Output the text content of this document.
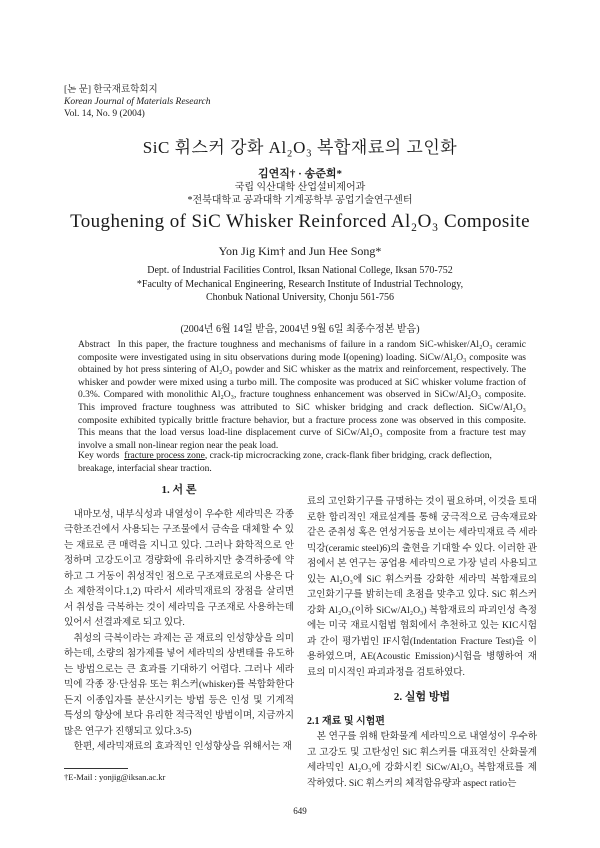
[논 문] 한국재료학회지
Korean Journal of Materials Research
Vol. 14, No. 9 (2004)
SiC 휘스커 강화 Al₂O₃ 복합재료의 고인화
김연직† · 송준희*
국립 익산대학 산업설비제어과
*전북대학교 공과대학 기계공학부 공업기술연구센터
Toughening of SiC Whisker Reinforced Al₂O₃ Composite
Yon Jig Kim† and Jun Hee Song*
Dept. of Industrial Facilities Control, Iksan National College, Iksan 570-752
*Faculty of Mechanical Engineering, Research Institute of Industrial Technology,
Chonbuk National University, Chonju 561-756
(2004년 6월 14일 받음, 2004년 9월 6일 최종수정본 받음)
Abstract In this paper, the fracture toughness and mechanisms of failure in a random SiC-whisker/Al₂O₃ ceramic composite were investigated using in situ observations during mode I(opening) loading. SiCw/Al₂O₃ composite was obtained by hot press sintering of Al₂O₃ powder and SiC whisker as the matrix and reinforcement, respectively. The whisker and powder were mixed using a turbo mill. The composite was produced at SiC whisker volume fraction of 0.3%. Compared with monolithic Al₂O₃, fracture toughness enhancement was observed in SiCw/Al₂O₃ composite. This improved fracture toughness was attributed to SiC whisker bridging and crack deflection. SiCw/Al₂O₃ composite exhibited typically brittle fracture behavior, but a fracture process zone was observed in this composite. This means that the load versus load-line displacement curve of SiCw/Al₂O₃ composite from a fracture test may involve a small non-linear region near the peak load.
Key words fracture process zone, crack-tip microcracking zone, crack-flank fiber bridging, crack deflection, breakage, interfacial shear traction.
1. 서 론

내마모성, 내부식성과 내열성이 우수한 세라믹은 각종 극한조건에서 사용되는 구조물에서 금속을 대체할 수 있는 재료로 큰 매력을 지니고 있다. 그러나 화학적으로 안정하며 고강도이고 경량화에 유리하지만 충격하중에 약하고 그 거동이 취성적인 점으로 구조재료로의 사용은 다소 제한적이다.1,2) 따라서 세라믹재료의 장점을 살리면서 취성을 극복하는 것이 세라믹을 구조재로 사용하는데 있어서 선결과제로 되고 있다.

취성의 극복이라는 과제는 곧 재료의 인성향상을 의미하는데, 소량의 첨가제를 넣어 세라믹의 상변태를 유도하는 방법으로는 큰 효과를 기대하기 어렵다. 그러나 세라믹에 각종 장·단섬유 또는 휘스커(whisker)를 복합화한다든지 이종입자를 분산시키는 방법 등은 인성 및 기계적 특성의 향상에 보다 유리한 적극적인 방법이며, 지금까지 많은 연구가 진행되고 있다.3-5)

한편, 세라믹재료의 효과적인 인성향상을 위해서는 재

료의 고인화기구를 규명하는 것이 필요하며, 이것을 토대로한 합리적인 재료설계를 통해 궁극적으로 금속재료와 같은 준취성 혹은 연성거동을 보이는 세라믹재료 즉 세라믹강(ceramic steel)6)의 출현을 기대할 수 있다. 이러한 관점에서 본 연구는 공업용 세라믹으로 가장 널리 사용되고 있는 Al₂O₃에 SiC 휘스커를 강화한 세라믹 복합재료의 고인화기구를 밝히는데 초점을 맞추고 있다. SiC 휘스커 강화 Al₂O₃(이하 SiCw/Al₂O₃) 복합재료의 파괴인성 측정에는 미국 재료시험법 협회에서 추천하고 있는 KIC시험과 간이 평가법인 IF시험(Indentation Fracture Test)을 이용하였으며, AE(Acoustic Emission)시험을 병행하여 재료의 미시적인 파괴과정을 검토하였다.

2. 실험 방법
2.1 재료 및 시험편

본 연구를 위해 탄화물계 세라믹으로 내열성이 우수하고 고강도 및 고탄성인 SiC 휘스커를 대표적인 산화물계 세라믹인 Al₂O₃에 강화시킨 SiCw/Al₂O₃ 복합재료를 제작하였다. SiC 휘스커의 체적함유량과 aspect ratio는

†E-Mail : yonjig@iksan.ac.kr
649
